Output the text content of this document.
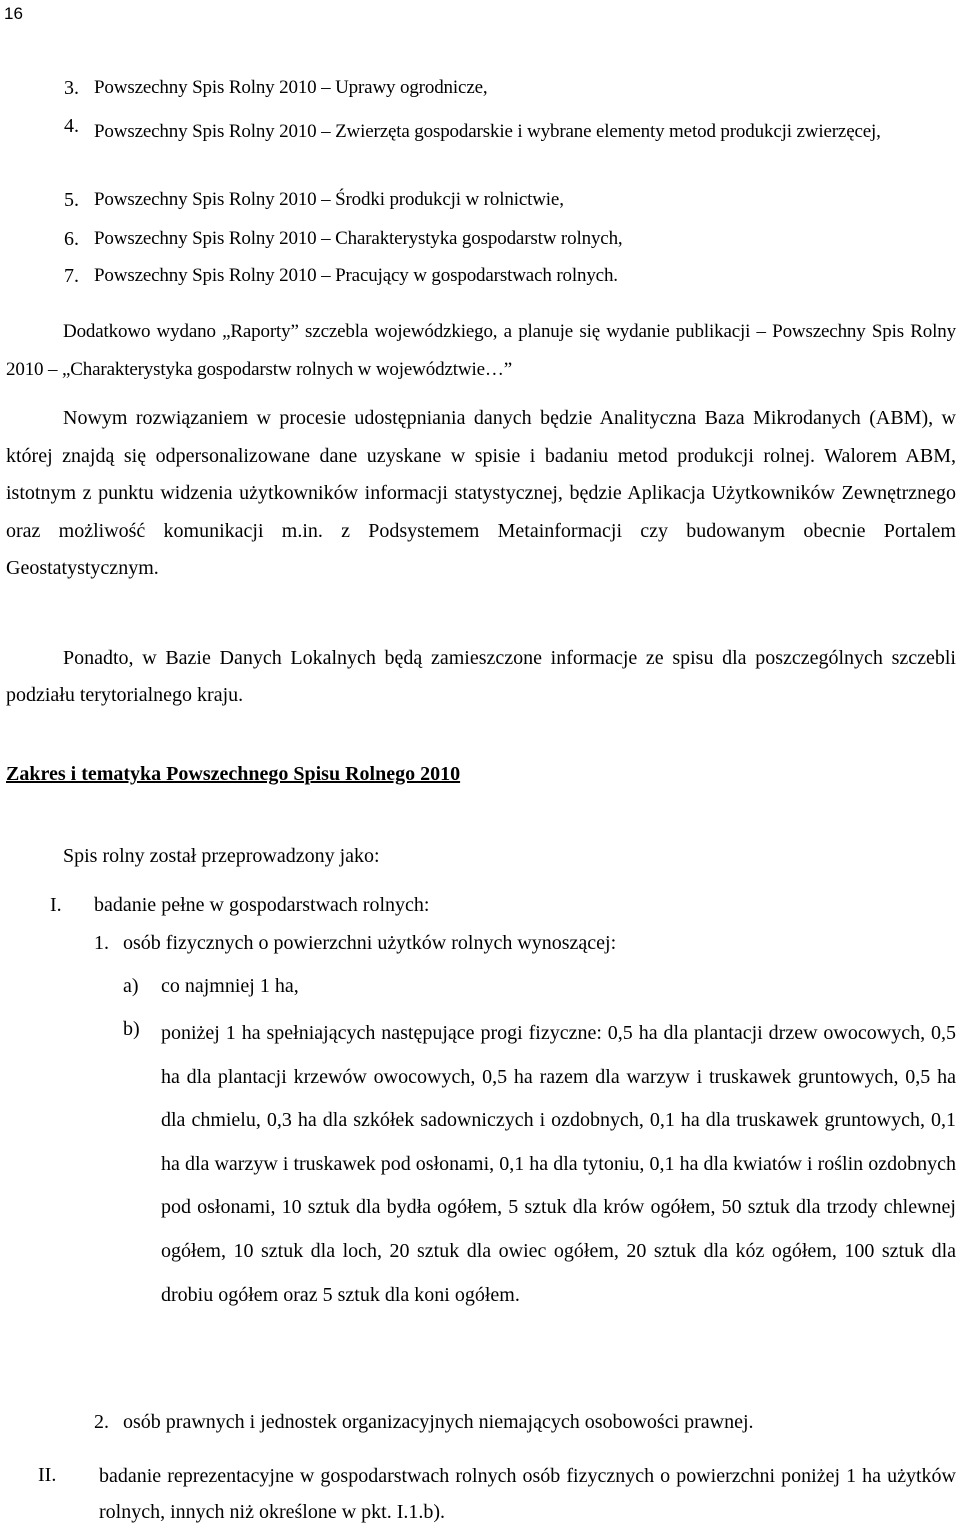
16
3. Powszechny Spis Rolny 2010 – Uprawy ogrodnicze,
4. Powszechny Spis Rolny 2010 – Zwierzęta gospodarskie i wybrane elementy metod produkcji zwierzęcej,
5. Powszechny Spis Rolny 2010 – Środki produkcji w rolnictwie,
6. Powszechny Spis Rolny 2010 – Charakterystyka gospodarstw rolnych,
7. Powszechny Spis Rolny 2010 – Pracujący w gospodarstwach rolnych.
Dodatkowo wydano „Raporty” szczebla wojewódzkiego, a planuje się wydanie publikacji – Powszechny Spis Rolny 2010 – „Charakterystyka gospodarstw rolnych w województwie…”
Nowym rozwiązaniem w procesie udostępniania danych będzie Analityczna Baza Mikrodanych (ABM), w której znajdą się odpersonalizowane dane uzyskane w spisie i badaniu metod produkcji rolnej. Walorem ABM, istotnym z punktu widzenia użytkowników informacji statystycznej, będzie Aplikacja Użytkowników Zewnętrznego oraz możliwość komunikacji m.in. z Podsystemem Metainformacji czy budowanym obecnie Portalem Geostatystycznym.
Ponadto, w Bazie Danych Lokalnych będą zamieszczone informacje ze spisu dla poszczególnych szczebli podziału terytorialnego kraju.
Zakres i tematyka Powszechnego Spisu Rolnego 2010
Spis rolny został przeprowadzony jako:
I. badanie pełne w gospodarstwach rolnych:
1. osób fizycznych o powierzchni użytków rolnych wynoszącej:
a) co najmniej 1 ha,
b) poniżej 1 ha spełniających następujące progi fizyczne: 0,5 ha dla plantacji drzew owocowych, 0,5 ha dla plantacji krzewów owocowych, 0,5 ha razem dla warzyw i truskawek gruntowych, 0,5 ha dla chmielu, 0,3 ha dla szkółek sadowniczych i ozdobnych, 0,1 ha dla truskawek gruntowych, 0,1 ha dla warzyw i truskawek pod osłonami, 0,1 ha dla tytoniu, 0,1 ha dla kwiatów i roślin ozdobnych pod osłonami, 10 sztuk dla bydła ogółem, 5 sztuk dla krów ogółem, 50 sztuk dla trzody chlewnej ogółem, 10 sztuk dla loch, 20 sztuk dla owiec ogółem, 20 sztuk dla kóz ogółem, 100 sztuk dla drobiu ogółem oraz 5 sztuk dla koni ogółem.
2. osób prawnych i jednostek organizacyjnych niemających osobowości prawnej.
II. badanie reprezentacyjne w gospodarstwach rolnych osób fizycznych o powierzchni poniżej 1 ha użytków rolnych, innych niż określone w pkt. I.1.b).
